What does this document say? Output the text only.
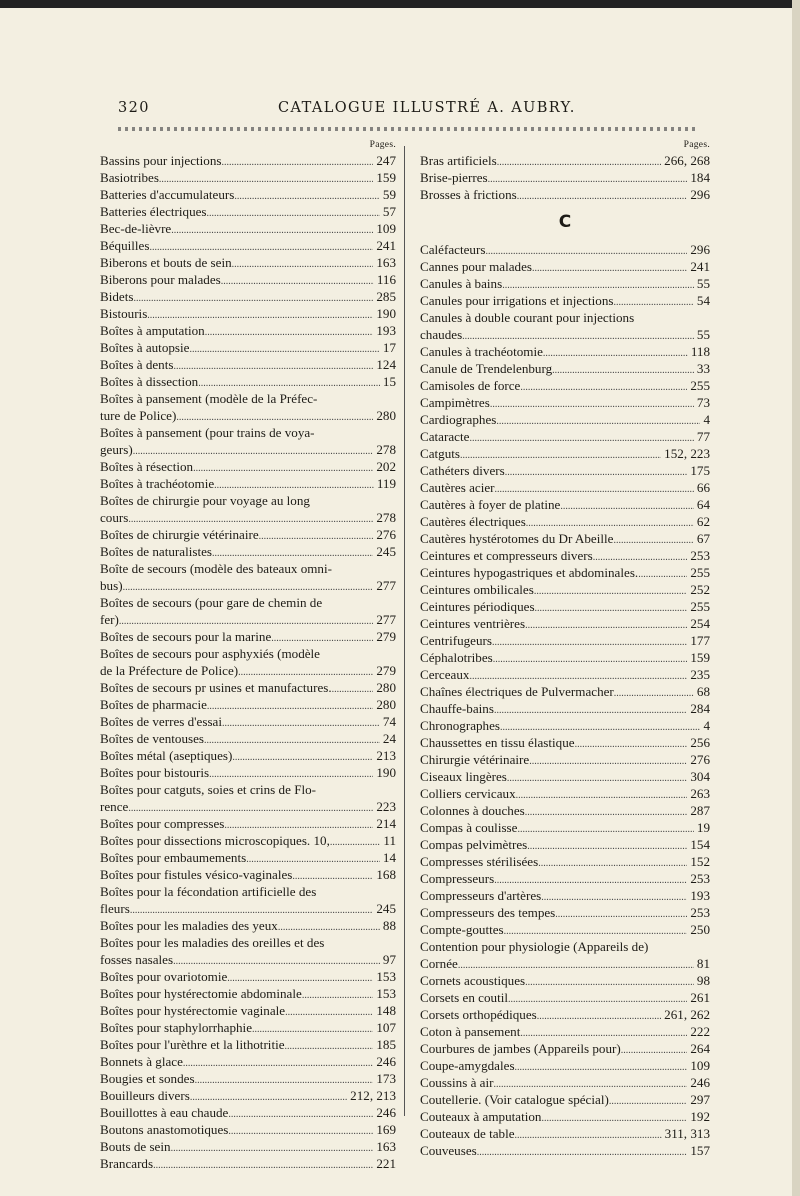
320	CATALOGUE ILLUSTRÉ A. AUBRY.
Pages.
Bassins pour injections .....	247
Basiotribes .....	159
Batteries d'accumulateurs .....	59
Batteries électriques .....	57
Bec-de-lièvre .....	109
Béquilles .....	241
Biberons et bouts de sein .....	163
Biberons pour malades .....	116
Bidets .....	285
Bistouris .....	190
Boîtes à amputation .....	193
Boîtes à autopsie .....	17
Boîtes à dents .....	124
Boîtes à dissection .....	15
Boîtes à pansement (modèle de la Préfec-
ture de Police) .....	280
Boîtes à pansement (pour trains de voya-
geurs) .....	278
Boîtes à résection .....	202
Boîtes à trachéotomie .....	119
Boîtes de chirurgie pour voyage au long
cours .....	278
Boîtes de chirurgie vétérinaire .....	276
Boîtes de naturalistes .....	245
Boîte de secours (modèle des bateaux omni-
bus) .....	277
Boîtes de secours (pour gare de chemin de
fer) .....	277
Boîtes de secours pour la marine .....	279
Boîtes de secours pour asphyxiés (modèle
de la Préfecture de Police) .....	279
Boîtes de secours pr usines et manufactures. .....	280
Boîtes de pharmacie .....	280
Boîtes de verres d'essai .....	74
Boîtes de ventouses .....	24
Boîtes métal (aseptiques) .....	213
Boîtes pour bistouris .....	190
Boîtes pour catguts, soies et crins de Flo-
rence .....	223
Boîtes pour compresses .....	214
Boîtes pour dissections microscopiques. 10, .....	11
Boîtes pour embaumements .....	14
Boîtes pour fistules vésico-vaginales .....	168
Boîtes pour la fécondation artificielle des
fleurs .....	245
Boîtes pour les maladies des yeux .....	88
Boîtes pour les maladies des oreilles et des
fosses nasales .....	97
Boîtes pour ovariotomie .....	153
Boîtes pour hystérectomie abdominale .....	153
Boîtes pour hystérectomie vaginale .....	148
Boîtes pour staphylorrhaphie .....	107
Boîtes pour l'urèthre et la lithotritie .....	185
Bonnets à glace .....	246
Bougies et sondes .....	173
Bouilleurs divers .....	212, 213
Bouillottes à eau chaude .....	246
Boutons anastomotiques .....	169
Bouts de sein .....	163
Brancards .....	221
Pages.
Bras artificiels .....	266, 268
Brise-pierres .....	184
Brosses à frictions .....	296
C
Caléfacteurs .....	296
Cannes pour malades .....	241
Canules à bains .....	55
Canules pour irrigations et injections .....	54
Canules à double courant pour injections
chaudes .....	55
Canules à trachéotomie .....	118
Canule de Trendelenburg .....	33
Camisoles de force .....	255
Campimètres .....	73
Cardiographes .....	4
Cataracte .....	77
Catguts .....	152, 223
Cathéters divers .....	175
Cautères acier .....	66
Cautères à foyer de platine .....	64
Cautères électriques .....	62
Cautères hystérotomes du Dr Abeille .....	67
Ceintures et compresseurs divers .....	253
Ceintures hypogastriques et abdominales. .....	255
Ceintures ombilicales .....	252
Ceintures périodiques .....	255
Ceintures ventrières .....	254
Centrifugeurs .....	177
Céphalotribes .....	159
Cerceaux .....	235
Chaînes électriques de Pulvermacher .....	68
Chauffe-bains .....	284
Chronographes .....	4
Chaussettes en tissu élastique .....	256
Chirurgie vétérinaire .....	276
Ciseaux lingères .....	304
Colliers cervicaux .....	263
Colonnes à douches .....	287
Compas à coulisse .....	19
Compas pelvimètres .....	154
Compresses stérilisées .....	152
Compresseurs .....	253
Compresseurs d'artères .....	193
Compresseurs des tempes .....	253
Compte-gouttes .....	250
Contention pour physiologie (Appareils de)
Cornée .....	81
Cornets acoustiques .....	98
Corsets en coutil .....	261
Corsets orthopédiques .....	261, 262
Coton à pansement .....	222
Courbures de jambes (Appareils pour) .....	264
Coupe-amygdales .....	109
Coussins à air .....	246
Coutellerie. (Voir catalogue spécial) .....	297
Couteaux à amputation .....	192
Couteaux de table .....	311, 313
Couveuses .....	157
